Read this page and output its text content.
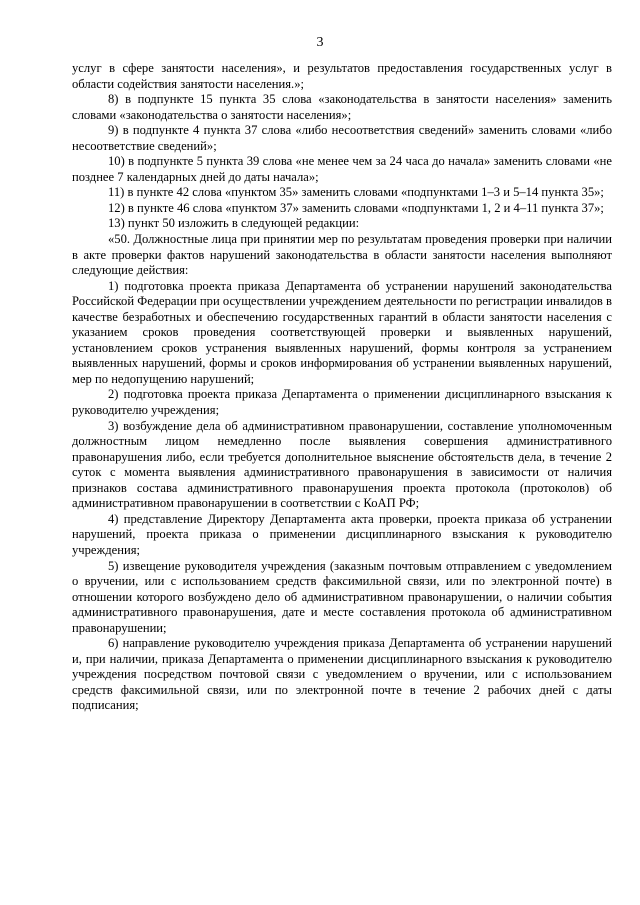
3

услуг в сфере занятости населения», и результатов предоставления государственных услуг в области содействия занятости населения.»;

8) в подпункте 15 пункта 35 слова «законодательства в занятости населения» заменить словами «законодательства о занятости населения»;

9) в подпункте 4 пункта 37 слова «либо несоответствия сведений» заменить словами «либо несоответствие сведений»;

10) в подпункте 5 пункта 39 слова «не менее чем за 24 часа до начала» заменить словами «не позднее 7 календарных дней до даты начала»;

11) в пункте 42 слова «пунктом 35» заменить словами «подпунктами 1–3 и 5–14 пункта 35»;

12) в пункте 46 слова «пунктом 37» заменить словами «подпунктами 1, 2 и 4–11 пункта 37»;

13) пункт 50 изложить в следующей редакции:

«50. Должностные лица при принятии мер по результатам проведения проверки при наличии в акте проверки фактов нарушений законодательства в области занятости населения выполняют следующие действия:

1) подготовка проекта приказа Департамента об устранении нарушений законодательства Российской Федерации при осуществлении учреждением деятельности по регистрации инвалидов в качестве безработных и обеспечению государственных гарантий в области занятости населения с указанием сроков проведения соответствующей проверки и выявленных нарушений, установлением сроков устранения выявленных нарушений, формы контроля за устранением выявленных нарушений, формы и сроков информирования об устранении выявленных нарушений, мер по недопущению нарушений;

2) подготовка проекта приказа Департамента о применении дисциплинарного взыскания к руководителю учреждения;

3) возбуждение дела об административном правонарушении, составление уполномоченным должностным лицом немедленно после выявления совершения административного правонарушения либо, если требуется дополнительное выяснение обстоятельств дела, в течение 2 суток с момента выявления административного правонарушения в зависимости от наличия признаков состава административного правонарушения проекта протокола (протоколов) об административном правонарушении в соответствии с КоАП РФ;

4) представление Директору Департамента акта проверки, проекта приказа об устранении нарушений, проекта приказа о применении дисциплинарного взыскания к руководителю учреждения;

5) извещение руководителя учреждения (заказным почтовым отправлением с уведомлением о вручении, или с использованием средств факсимильной связи, или по электронной почте) в отношении которого возбуждено дело об административном правонарушении, о наличии события административного правонарушения, дате и месте составления протокола об административном правонарушении;

6) направление руководителю учреждения приказа Департамента об устранении нарушений и, при наличии, приказа Департамента о применении дисциплинарного взыскания к руководителю учреждения посредством почтовой связи с уведомлением о вручении, или с использованием средств факсимильной связи, или по электронной почте в течение 2 рабочих дней с даты подписания;
